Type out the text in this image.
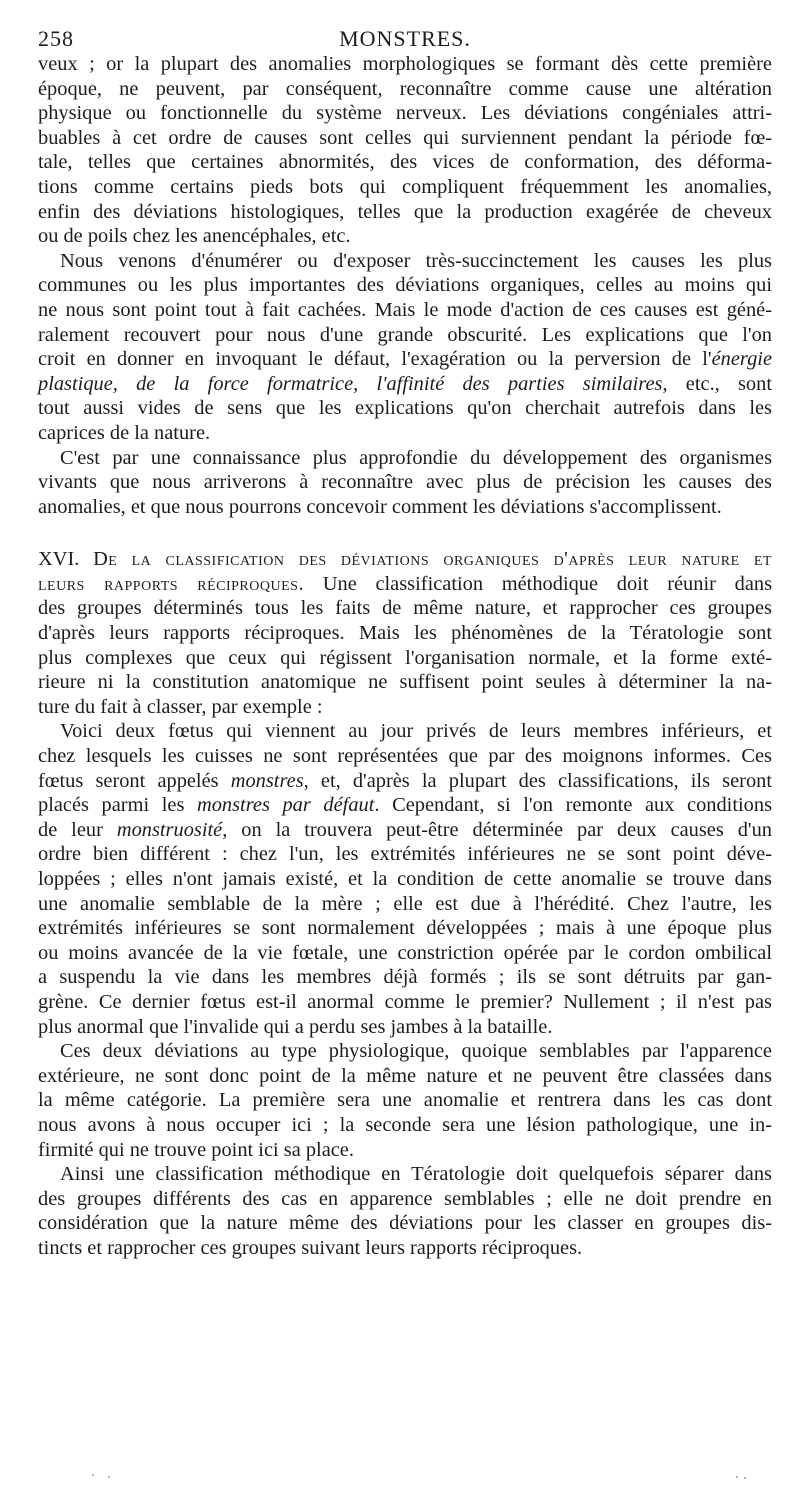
258	MONSTRES.
veux ; or la plupart des anomalies morphologiques se formant dès cette première
époque, ne peuvent, par conséquent, reconnaître comme cause une altération
physique ou fonctionnelle du système nerveux. Les déviations congéniales attri-
buables à cet ordre de causes sont celles qui surviennent pendant la période fœ-
tale, telles que certaines abnormités, des vices de conformation, des déforma-
tions comme certains pieds bots qui compliquent fréquemment les anomalies,
enfin des déviations histologiques, telles que la production exagérée de cheveux
ou de poils chez les anencéphales, etc.
Nous venons d'énumérer ou d'exposer très-succinctement les causes les plus
communes ou les plus importantes des déviations organiques, celles au moins qui
ne nous sont point tout à fait cachées. Mais le mode d'action de ces causes est géné-
ralement recouvert pour nous d'une grande obscurité. Les explications que l'on
croit en donner en invoquant le défaut, l'exagération ou la perversion de l'énergie
plastique, de la force formatrice, l'affinité des parties similaires, etc., sont
tout aussi vides de sens que les explications qu'on cherchait autrefois dans les
caprices de la nature.
C'est par une connaissance plus approfondie du développement des organismes
vivants que nous arriverons à reconnaître avec plus de précision les causes des
anomalies, et que nous pourrons concevoir comment les déviations s'accomplissent.
XVI. De la classification des déviations organiques d'après leur nature et
leurs rapports réciproques. Une classification méthodique doit réunir dans
des groupes déterminés tous les faits de même nature, et rapprocher ces groupes
d'après leurs rapports réciproques. Mais les phénomènes de la Tératologie sont
plus complexes que ceux qui régissent l'organisation normale, et la forme exté-
rieure ni la constitution anatomique ne suffisent point seules à déterminer la na-
ture du fait à classer, par exemple :
Voici deux fœtus qui viennent au jour privés de leurs membres inférieurs, et
chez lesquels les cuisses ne sont représentées que par des moignons informes. Ces
fœtus seront appelés monstres, et, d'après la plupart des classifications, ils seront
placés parmi les monstres par défaut. Cependant, si l'on remonte aux conditions
de leur monstruosité, on la trouvera peut-être déterminée par deux causes d'un
ordre bien différent : chez l'un, les extrémités inférieures ne se sont point déve-
loppées ; elles n'ont jamais existé, et la condition de cette anomalie se trouve dans
une anomalie semblable de la mère ; elle est due à l'hérédité. Chez l'autre, les
extrémités inférieures se sont normalement développées ; mais à une époque plus
ou moins avancée de la vie fœtale, une constriction opérée par le cordon ombilical
a suspendu la vie dans les membres déjà formés ; ils se sont détruits par gan-
grène. Ce dernier fœtus est-il anormal comme le premier? Nullement ; il n'est pas
plus anormal que l'invalide qui a perdu ses jambes à la bataille.
Ces deux déviations au type physiologique, quoique semblables par l'apparence
extérieure, ne sont donc point de la même nature et ne peuvent être classées dans
la même catégorie. La première sera une anomalie et rentrera dans les cas dont
nous avons à nous occuper ici ; la seconde sera une lésion pathologique, une in-
firmité qui ne trouve point ici sa place.
Ainsi une classification méthodique en Tératologie doit quelquefois séparer dans
des groupes différents des cas en apparence semblables ; elle ne doit prendre en
considération que la nature même des déviations pour les classer en groupes dis-
tincts et rapprocher ces groupes suivant leurs rapports réciproques.
